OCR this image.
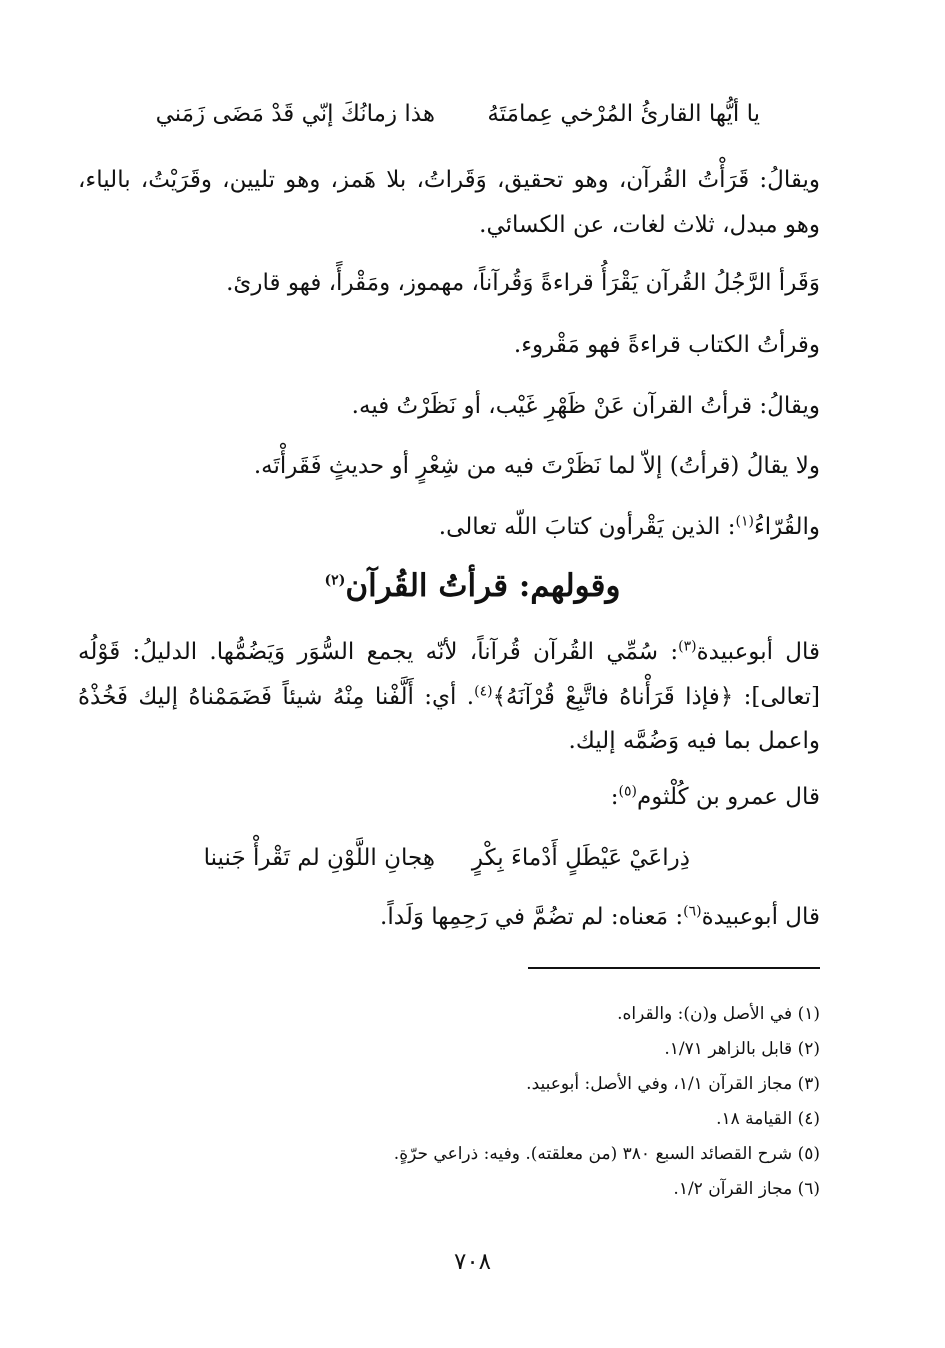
يا أيُّها القارئُ المُرْخي عِمامَتَهُ
هذا زمانُكَ إنّي قَدْ مَضَى زَمَني
ويقالُ: قَرَأْتُ القُرآن، وهو تحقيق، وَقَراتُ، بلا هَمز، وهو تليين، وقَرَيْتُ، بالياء،
وهو مبدل، ثلاث لغات، عن الكسائي.
وَقَرأ الرَّجُلُ القُرآن يَقْرَأُ قراءةً وَقُرآناً، مهموز، ومَقْرأً، فهو قارئ.
وقرأتُ الكتاب قراءةً فهو مَقْروء.
ويقالُ: قرأتُ القرآن عَنْ ظَهْرِ غَيْب، أو نَظَرْتُ فيه.
ولا يقالُ (قرأتُ) إلاّ لما نَظَرْتَ فيه من شِعْرٍ أو حديثٍ فَقَرأْتَه.
والقُرّاءُ$^{(١)}$: الذين يَقْرأون كتابَ اللّه تعالى.
وقولهم: قرأتُ القُرآن$^{(٢)}$
قال أبوعبيدة$^{(٣)}$: سُمِّي القُرآن قُرآناً، لأنّه يجمع السُّوَر وَيَضُمُّها. الدليلُ: قَوْلُه
[تعالى]: ﴿فإذا قَرَأْناهُ فاتَّبِعْ قُرْآنَهُ﴾$^{(٤)}$. أي: أَلَّفْنا مِنْهُ شيئاً فَضَمَمْناهُ إليك فَخُذْهُ
واعمل بما فيه وَضُمَّه إليك.
قال عمرو بن كُلْثوم$^{(٥)}$:
ذِراعَيْ عَيْطَلٍ أَدْماءَ بِكْرٍ
هِجانِ اللَّوْنِ لم تَقْرأْ جَنينا
قال أبوعبيدة$^{(٦)}$: مَعناه: لم تضُمَّ في رَحِمِها وَلَداً.
(١) في الأصل و(ن): والقراه.
(٢) قابل بالزاهر ١/٧١.
(٣) مجاز القرآن ١/١، وفي الأصل: أبوعبيد.
(٤) القيامة ١٨.
(٥) شرح القصائد السبع ٣٨٠ (من معلقته). وفيه: ذراعي حرّةٍ.
(٦) مجاز القرآن ١/٢.
٧٠٨
